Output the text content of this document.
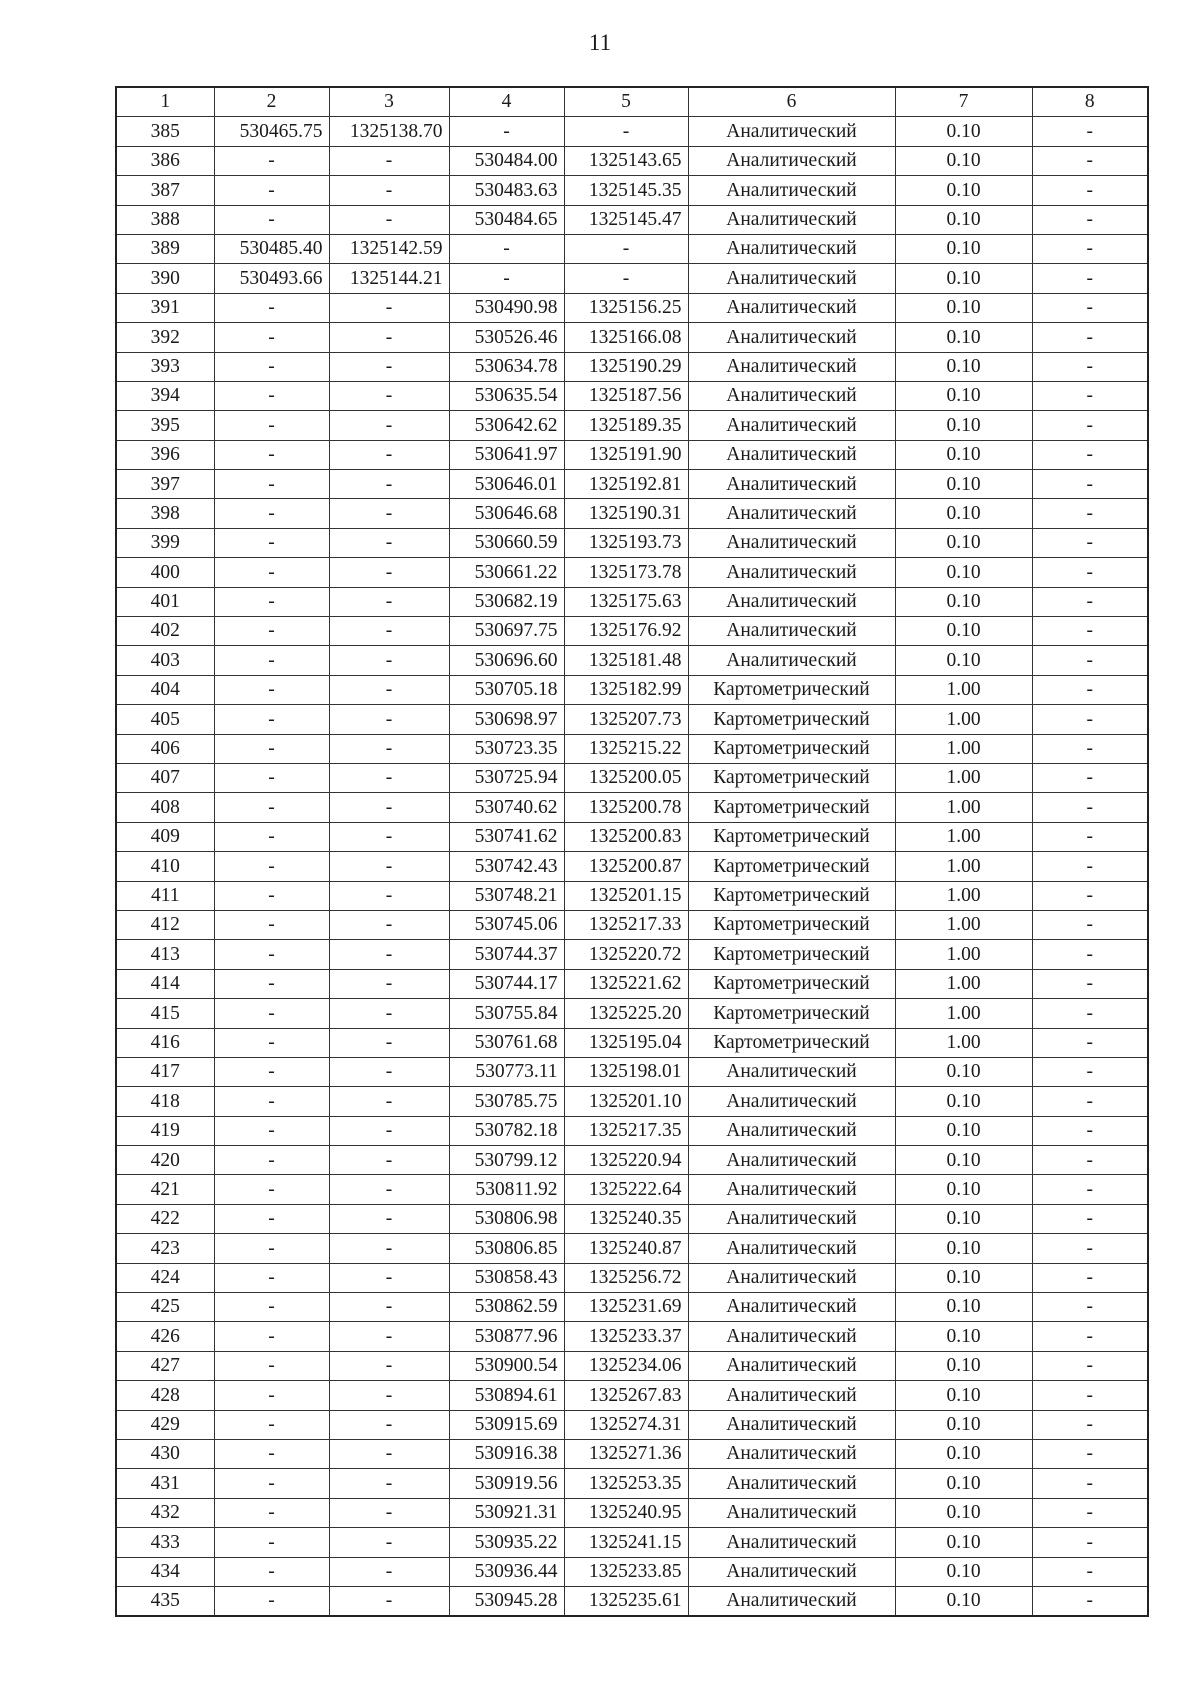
11
1	2	3	4	5	6	7	8
385	530465.75	1325138.70	-	-	Аналитический	0.10	-
386	-	-	530484.00	1325143.65	Аналитический	0.10	-
387	-	-	530483.63	1325145.35	Аналитический	0.10	-
388	-	-	530484.65	1325145.47	Аналитический	0.10	-
389	530485.40	1325142.59	-	-	Аналитический	0.10	-
390	530493.66	1325144.21	-	-	Аналитический	0.10	-
391	-	-	530490.98	1325156.25	Аналитический	0.10	-
392	-	-	530526.46	1325166.08	Аналитический	0.10	-
393	-	-	530634.78	1325190.29	Аналитический	0.10	-
394	-	-	530635.54	1325187.56	Аналитический	0.10	-
395	-	-	530642.62	1325189.35	Аналитический	0.10	-
396	-	-	530641.97	1325191.90	Аналитический	0.10	-
397	-	-	530646.01	1325192.81	Аналитический	0.10	-
398	-	-	530646.68	1325190.31	Аналитический	0.10	-
399	-	-	530660.59	1325193.73	Аналитический	0.10	-
400	-	-	530661.22	1325173.78	Аналитический	0.10	-
401	-	-	530682.19	1325175.63	Аналитический	0.10	-
402	-	-	530697.75	1325176.92	Аналитический	0.10	-
403	-	-	530696.60	1325181.48	Аналитический	0.10	-
404	-	-	530705.18	1325182.99	Картометрический	1.00	-
405	-	-	530698.97	1325207.73	Картометрический	1.00	-
406	-	-	530723.35	1325215.22	Картометрический	1.00	-
407	-	-	530725.94	1325200.05	Картометрический	1.00	-
408	-	-	530740.62	1325200.78	Картометрический	1.00	-
409	-	-	530741.62	1325200.83	Картометрический	1.00	-
410	-	-	530742.43	1325200.87	Картометрический	1.00	-
411	-	-	530748.21	1325201.15	Картометрический	1.00	-
412	-	-	530745.06	1325217.33	Картометрический	1.00	-
413	-	-	530744.37	1325220.72	Картометрический	1.00	-
414	-	-	530744.17	1325221.62	Картометрический	1.00	-
415	-	-	530755.84	1325225.20	Картометрический	1.00	-
416	-	-	530761.68	1325195.04	Картометрический	1.00	-
417	-	-	530773.11	1325198.01	Аналитический	0.10	-
418	-	-	530785.75	1325201.10	Аналитический	0.10	-
419	-	-	530782.18	1325217.35	Аналитический	0.10	-
420	-	-	530799.12	1325220.94	Аналитический	0.10	-
421	-	-	530811.92	1325222.64	Аналитический	0.10	-
422	-	-	530806.98	1325240.35	Аналитический	0.10	-
423	-	-	530806.85	1325240.87	Аналитический	0.10	-
424	-	-	530858.43	1325256.72	Аналитический	0.10	-
425	-	-	530862.59	1325231.69	Аналитический	0.10	-
426	-	-	530877.96	1325233.37	Аналитический	0.10	-
427	-	-	530900.54	1325234.06	Аналитический	0.10	-
428	-	-	530894.61	1325267.83	Аналитический	0.10	-
429	-	-	530915.69	1325274.31	Аналитический	0.10	-
430	-	-	530916.38	1325271.36	Аналитический	0.10	-
431	-	-	530919.56	1325253.35	Аналитический	0.10	-
432	-	-	530921.31	1325240.95	Аналитический	0.10	-
433	-	-	530935.22	1325241.15	Аналитический	0.10	-
434	-	-	530936.44	1325233.85	Аналитический	0.10	-
435	-	-	530945.28	1325235.61	Аналитический	0.10	-
